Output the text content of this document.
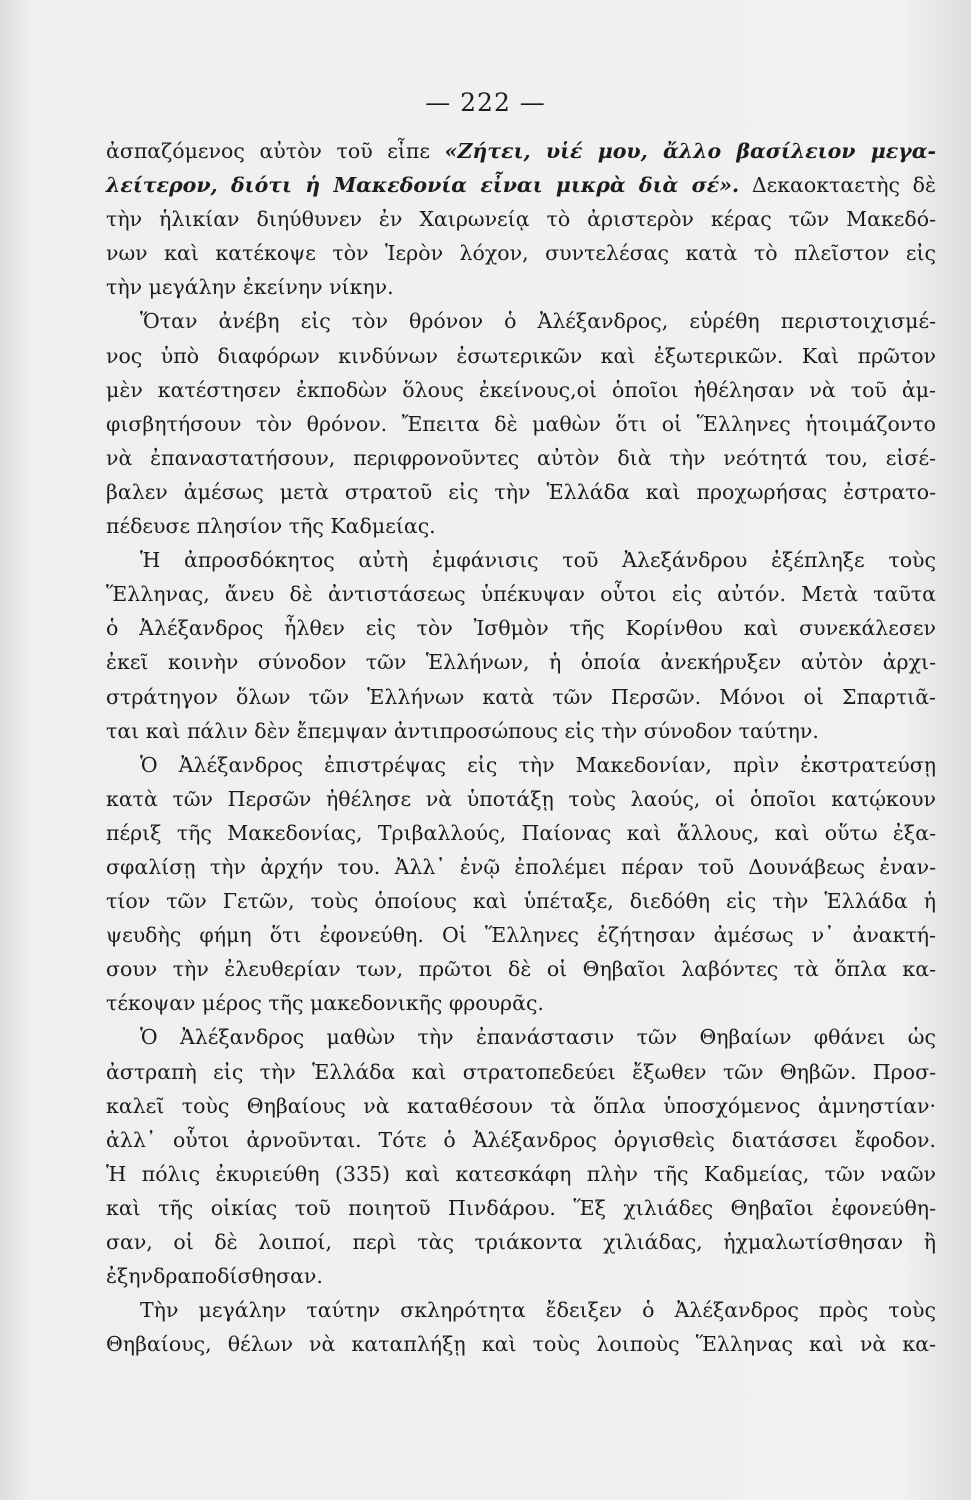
— 222 —
ἀσπαζόμενος αὐτὸν τοῦ εἶπε «Ζήτει, υἱέ μου, ἄλλο βασίλειον μεγα-
λείτερον, διότι ἡ Μακεδονία εἶναι μικρὰ διὰ σέ». Δεκαοκταετὴς δὲ
τὴν ἡλικίαν διηύθυνεν ἐν Χαιρωνείᾳ τὸ ἀριστερὸν κέρας τῶν Μακεδό-
νων καὶ κατέκοψε τὸν Ἱερὸν λόχον, συντελέσας κατὰ τὸ πλεῖστον εἰς
τὴν μεγάλην ἐκείνην νίκην.
Ὅταν ἀνέβη εἰς τὸν θρόνον ὁ Ἀλέξανδρος, εὑρέθη περιστοιχισμέ-
νος ὑπὸ διαφόρων κινδύνων ἐσωτερικῶν καὶ ἐξωτερικῶν. Καὶ πρῶτον
μὲν κατέστησεν ἐκποδὼν ὅλους ἐκείνους,οἱ ὁποῖοι ἠθέλησαν νὰ τοῦ ἀμ-
φισβητήσουν τὸν θρόνον. Ἔπειτα δὲ μαθὼν ὅτι οἱ Ἕλληνες ἡτοιμάζοντο
νὰ ἐπαναστατήσουν, περιφρονοῦντες αὐτὸν διὰ τὴν νεότητά του, εἰσέ-
βαλεν ἀμέσως μετὰ στρατοῦ εἰς τὴν Ἑλλάδα καὶ προχωρήσας ἐστρατο-
πέδευσε πλησίον τῆς Καδμείας.
Ἡ ἀπροσδόκητος αὐτὴ ἐμφάνισις τοῦ Ἀλεξάνδρου ἐξέπληξε τοὺς
Ἕλληνας, ἄνευ δὲ ἀντιστάσεως ὑπέκυψαν οὗτοι εἰς αὐτόν. Μετὰ ταῦτα
ὁ Ἀλέξανδρος ἦλθεν εἰς τὸν Ἰσθμὸν τῆς Κορίνθου καὶ συνεκάλεσεν
ἐκεῖ κοινὴν σύνοδον τῶν Ἑλλήνων, ἡ ὁποία ἀνεκήρυξεν αὐτὸν ἀρχι-
στράτηγον ὅλων τῶν Ἑλλήνων κατὰ τῶν Περσῶν. Μόνοι οἱ Σπαρτιᾶ-
ται καὶ πάλιν δὲν ἔπεμψαν ἀντιπροσώπους εἰς τὴν σύνοδον ταύτην.
Ὁ Ἀλέξανδρος ἐπιστρέψας εἰς τὴν Μακεδονίαν, πρὶν ἐκστρατεύσῃ
κατὰ τῶν Περσῶν ἠθέλησε νὰ ὑποτάξῃ τοὺς λαούς, οἱ ὁποῖοι κατῴκουν
πέριξ τῆς Μακεδονίας, Τριβαλλούς, Παίονας καὶ ἄλλους, καὶ οὕτω ἐξα-
σφαλίσῃ τὴν ἀρχήν του. Ἀλλ᾽ ἐνῷ ἐπολέμει πέραν τοῦ Δουνάβεως ἐναν-
τίον τῶν Γετῶν, τοὺς ὁποίους καὶ ὑπέταξε, διεδόθη εἰς τὴν Ἑλλάδα ἡ
ψευδὴς φήμη ὅτι ἐφονεύθη. Οἱ Ἕλληνες ἐζήτησαν ἀμέσως ν᾽ ἀνακτή-
σουν τὴν ἐλευθερίαν των, πρῶτοι δὲ οἱ Θηβαῖοι λαβόντες τὰ ὅπλα κα-
τέκοψαν μέρος τῆς μακεδονικῆς φρουρᾶς.
Ὁ Ἀλέξανδρος μαθὼν τὴν ἐπανάστασιν τῶν Θηβαίων φθάνει ὡς
ἀστραπὴ εἰς τὴν Ἑλλάδα καὶ στρατοπεδεύει ἔξωθεν τῶν Θηβῶν. Προσ-
καλεῖ τοὺς Θηβαίους νὰ καταθέσουν τὰ ὅπλα ὑποσχόμενος ἀμνηστίαν·
ἀλλ᾽ οὗτοι ἀρνοῦνται. Τότε ὁ Ἀλέξανδρος ὀργισθεὶς διατάσσει ἔφοδον.
Ἡ πόλις ἐκυριεύθη (335) καὶ κατεσκάφη πλὴν τῆς Καδμείας, τῶν ναῶν
καὶ τῆς οἰκίας τοῦ ποιητοῦ Πινδάρου. Ἕξ χιλιάδες Θηβαῖοι ἐφονεύθη-
σαν, οἱ δὲ λοιποί, περὶ τὰς τριάκοντα χιλιάδας, ἠχμαλωτίσθησαν ἢ
ἐξηνδραποδίσθησαν.
Τὴν μεγάλην ταύτην σκληρότητα ἔδειξεν ὁ Ἀλέξανδρος πρὸς τοὺς
Θηβαίους, θέλων νὰ καταπλήξῃ καὶ τοὺς λοιποὺς Ἕλληνας καὶ νὰ κα-
